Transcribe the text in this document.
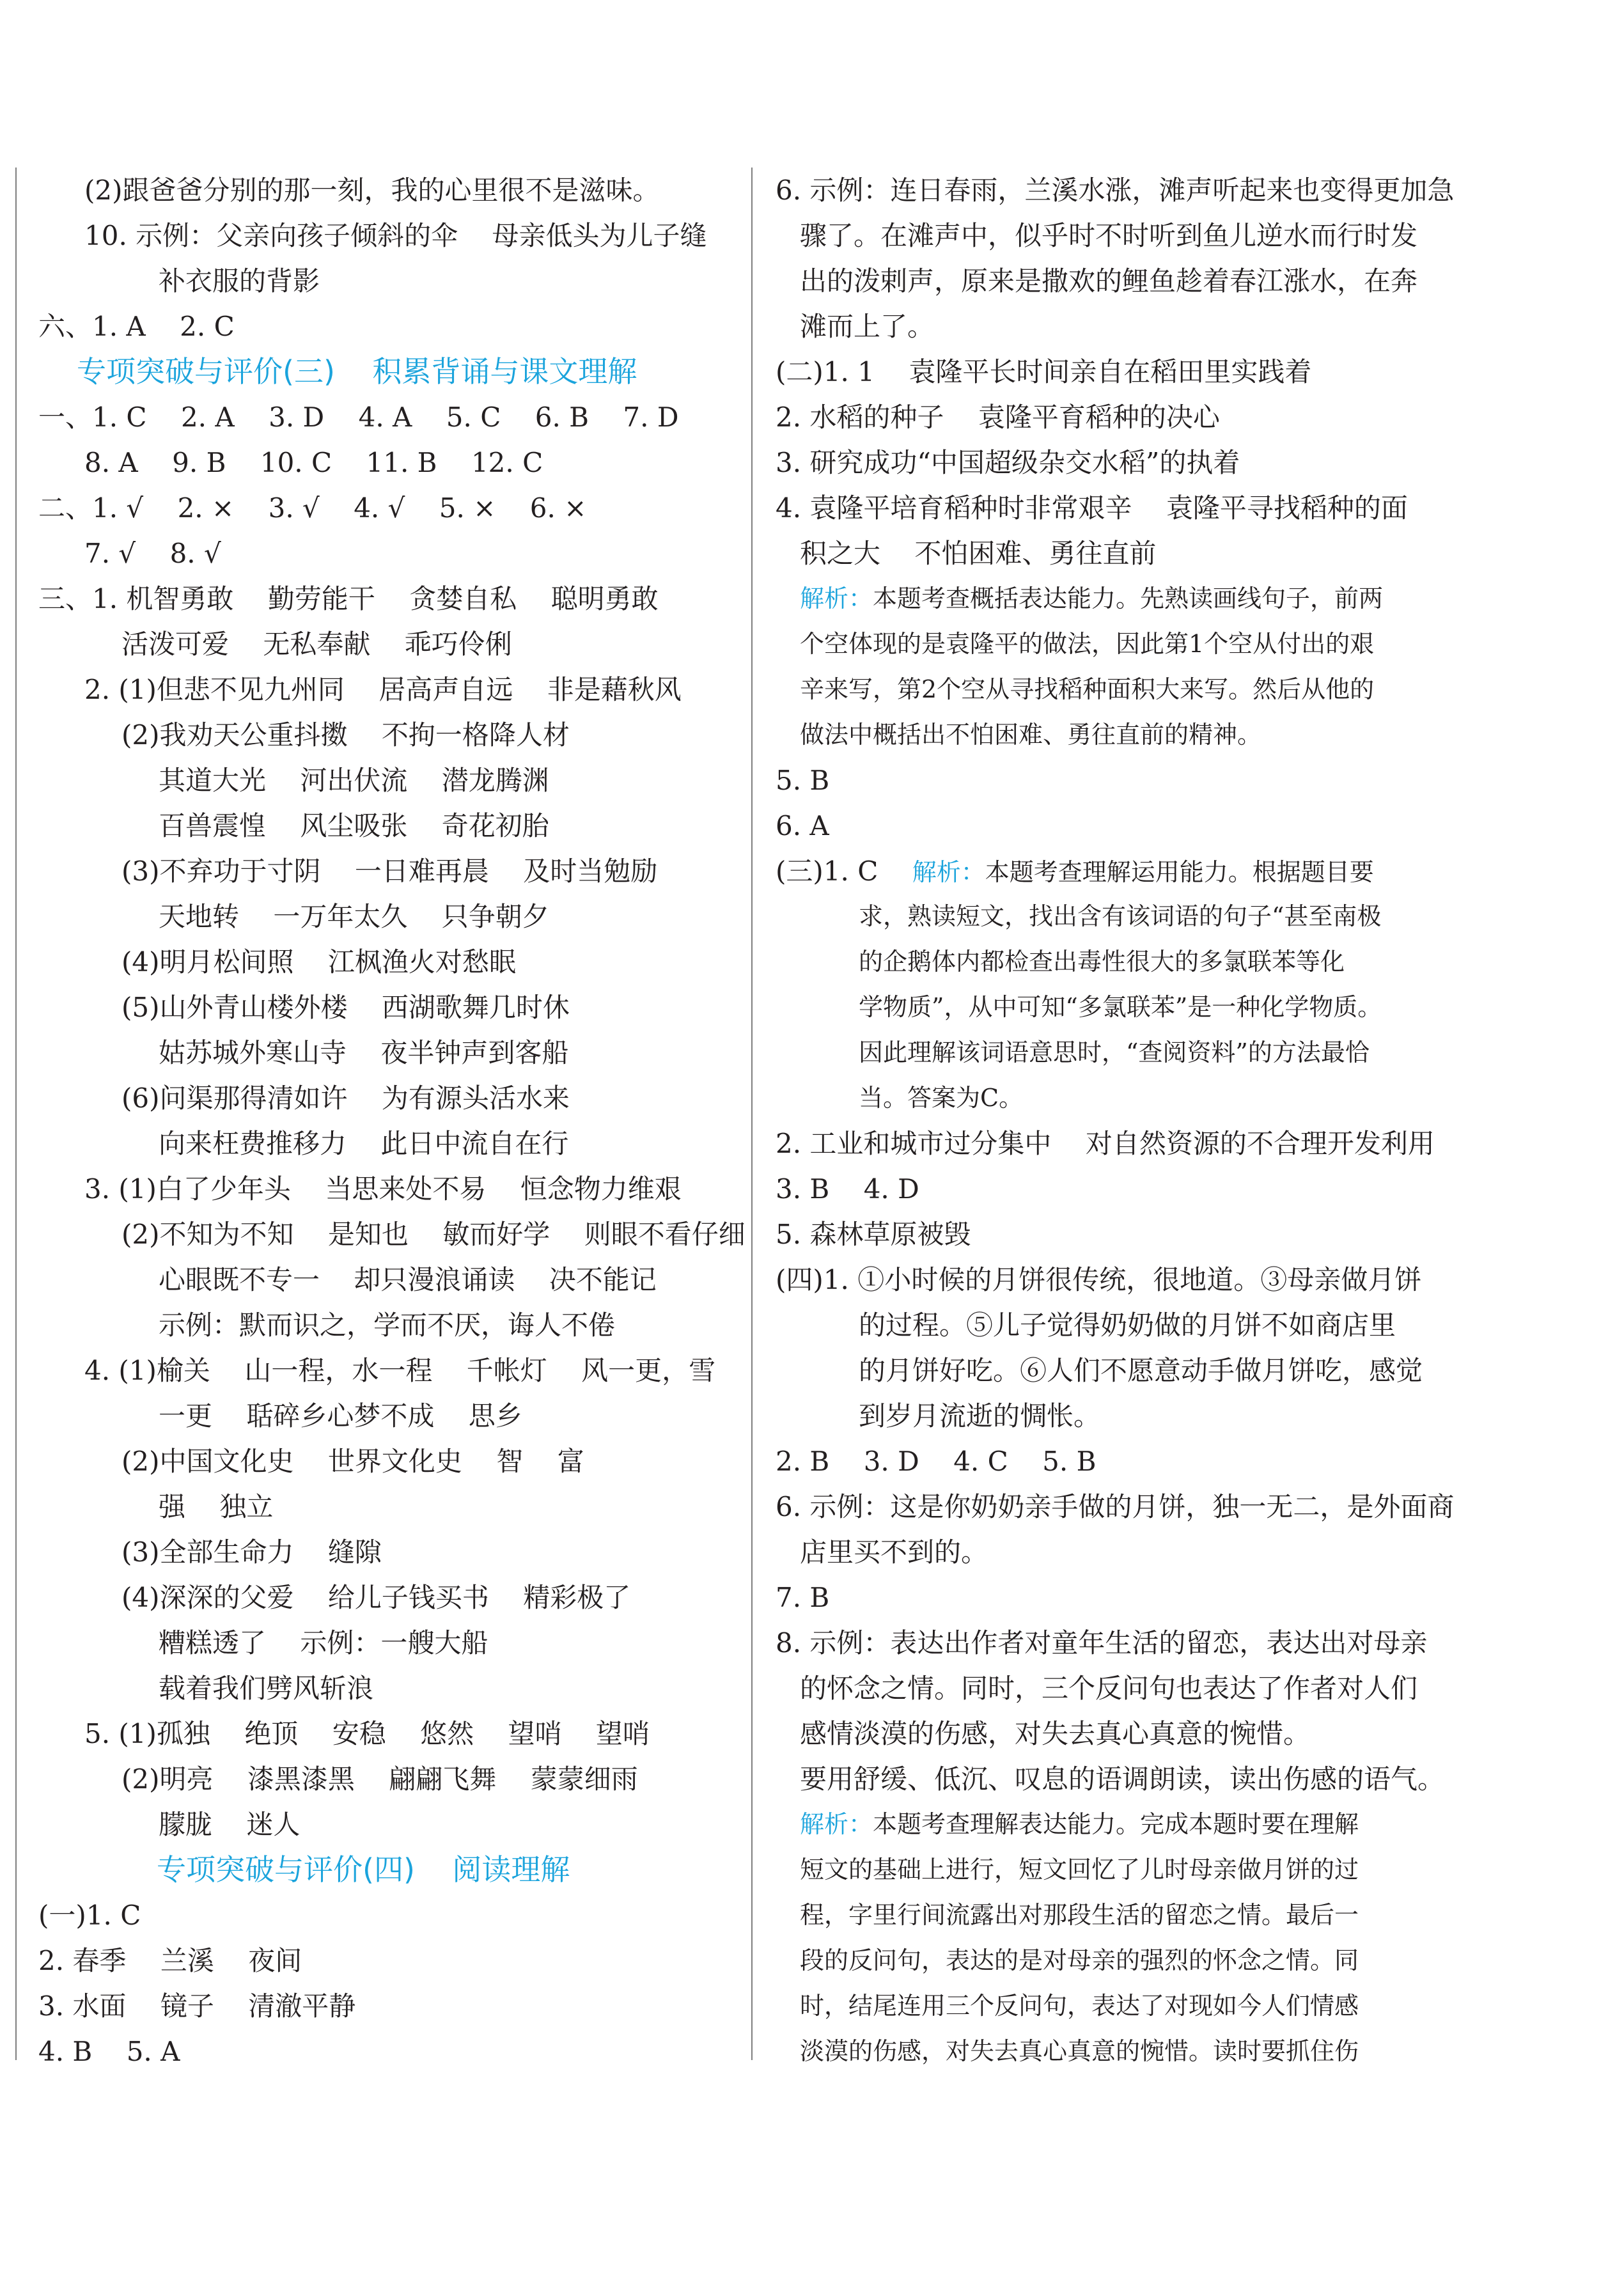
(2)跟爸爸分别的那一刻，我的心里很不是滋味。
10. 示例：父亲向孩子倾斜的伞    母亲低头为儿子缝
补衣服的背影
六、1. A    2. C
专项突破与评价(三)    积累背诵与课文理解
一、1. C    2. A    3. D    4. A    5. C    6. B    7. D
8. A    9. B    10. C    11. B    12. C
二、1. √    2. ×    3. √    4. √    5. ×    6. ×
7. √    8. √
三、1. 机智勇敢    勤劳能干    贪婪自私    聪明勇敢
活泼可爱    无私奉献    乖巧伶俐
2. (1)但悲不见九州同    居高声自远    非是藉秋风
(2)我劝天公重抖擞    不拘一格降人材
其道大光    河出伏流    潜龙腾渊
百兽震惶    风尘吸张    奇花初胎
(3)不弃功于寸阴    一日难再晨    及时当勉励
天地转    一万年太久    只争朝夕
(4)明月松间照    江枫渔火对愁眠
(5)山外青山楼外楼    西湖歌舞几时休
姑苏城外寒山寺    夜半钟声到客船
(6)问渠那得清如许    为有源头活水来
向来枉费推移力    此日中流自在行
3. (1)白了少年头    当思来处不易    恒念物力维艰
(2)不知为不知    是知也    敏而好学    则眼不看仔细
心眼既不专一    却只漫浪诵读    决不能记
示例：默而识之，学而不厌，诲人不倦
4. (1)榆关    山一程，水一程    千帐灯    风一更，雪
一更    聒碎乡心梦不成    思乡
(2)中国文化史    世界文化史    智    富
强    独立
(3)全部生命力    缝隙
(4)深深的父爱    给儿子钱买书    精彩极了
糟糕透了    示例：一艘大船
载着我们劈风斩浪
5. (1)孤独    绝顶    安稳    悠然    望哨    望哨
(2)明亮    漆黑漆黑    翩翩飞舞    蒙蒙细雨
朦胧    迷人
专项突破与评价(四)    阅读理解
(一)1. C
2. 春季    兰溪    夜间
3. 水面    镜子    清澈平静
4. B    5. A
6. 示例：连日春雨，兰溪水涨，滩声听起来也变得更加急
骤了。在滩声中，似乎时不时听到鱼儿逆水而行时发
出的泼剌声，原来是撒欢的鲤鱼趁着春江涨水，在奔
滩而上了。
(二)1. 1    袁隆平长时间亲自在稻田里实践着
2. 水稻的种子    袁隆平育稻种的决心
3. 研究成功“中国超级杂交水稻”的执着
4. 袁隆平培育稻种时非常艰辛    袁隆平寻找稻种的面
积之大    不怕困难、勇往直前
解析：本题考查概括表达能力。先熟读画线句子，前两
个空体现的是袁隆平的做法，因此第1个空从付出的艰
辛来写，第2个空从寻找稻种面积大来写。然后从他的
做法中概括出不怕困难、勇往直前的精神。
5. B
6. A
(三)1. C    解析：本题考查理解运用能力。根据题目要
求，熟读短文，找出含有该词语的句子“甚至南极
的企鹅体内都检查出毒性很大的多氯联苯等化
学物质”，从中可知“多氯联苯”是一种化学物质。
因此理解该词语意思时，“查阅资料”的方法最恰
当。答案为C。
2. 工业和城市过分集中    对自然资源的不合理开发利用
3. B    4. D
5. 森林草原被毁
(四)1. ①小时候的月饼很传统，很地道。③母亲做月饼
的过程。⑤儿子觉得奶奶做的月饼不如商店里
的月饼好吃。⑥人们不愿意动手做月饼吃，感觉
到岁月流逝的惆怅。
2. B    3. D    4. C    5. B
6. 示例：这是你奶奶亲手做的月饼，独一无二，是外面商
店里买不到的。
7. B
8. 示例：表达出作者对童年生活的留恋，表达出对母亲
的怀念之情。同时，三个反问句也表达了作者对人们
感情淡漠的伤感，对失去真心真意的惋惜。
要用舒缓、低沉、叹息的语调朗读，读出伤感的语气。
解析：本题考查理解表达能力。完成本题时要在理解
短文的基础上进行，短文回忆了儿时母亲做月饼的过
程，字里行间流露出对那段生活的留恋之情。最后一
段的反问句，表达的是对母亲的强烈的怀念之情。同
时，结尾连用三个反问句，表达了对现如今人们情感
淡漠的伤感，对失去真心真意的惋惜。读时要抓住伤
